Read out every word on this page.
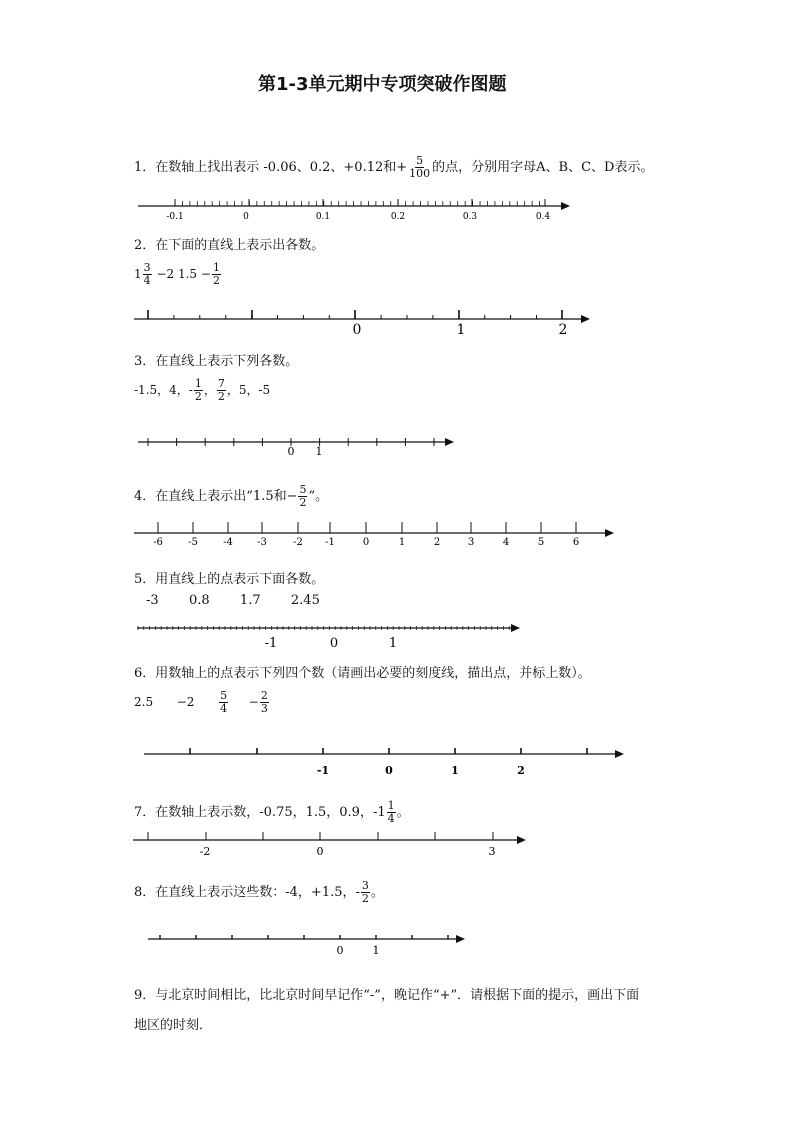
第1-3单元期中专项突破作图题
1．在数轴上找出表示 -0.06、0.2、+0.12和+ $\frac{5}{100}$ 的点，分别用字母A、B、C、D表示。
2．在下面的直线上表示出各数。
$1 \frac{3}{4} -2$ $1.5 - \frac{1}{2}$
3．在直线上表示下列各数。
-1.5，4，- $\frac{1}{2}$ ， $\frac{7}{2}$ ，5，-5
4．在直线上表示出“1.5和− $\frac{5}{2}$ ”。
5．用直线上的点表示下面各数。
-3 0.8 1.7 2.45
6．用数轴上的点表示下列四个数（请画出必要的刻度线，描出点，并标上数）。
$2.5 -2 \frac{5}{4} - \frac{2}{3}$
7．在数轴上表示数，-0.75，1.5，0.9，$-1 \frac{1}{4}$ 。
8．在直线上表示这些数：-4，+1.5，- $\frac{3}{2}$ 。
9．与北京时间相比，比北京时间早记作“-”，晚记作“+”．请根据下面的提示，画出下面
地区的时刻．
-0.1	0	0.1	0.2	0.3	0.4
0	1	2
0 1
-6	-5	-4 -3	-2 -1	0	1	2	3	4	5	6
-1	0	1
-1	0	1	2
-2	0	3
0	1
